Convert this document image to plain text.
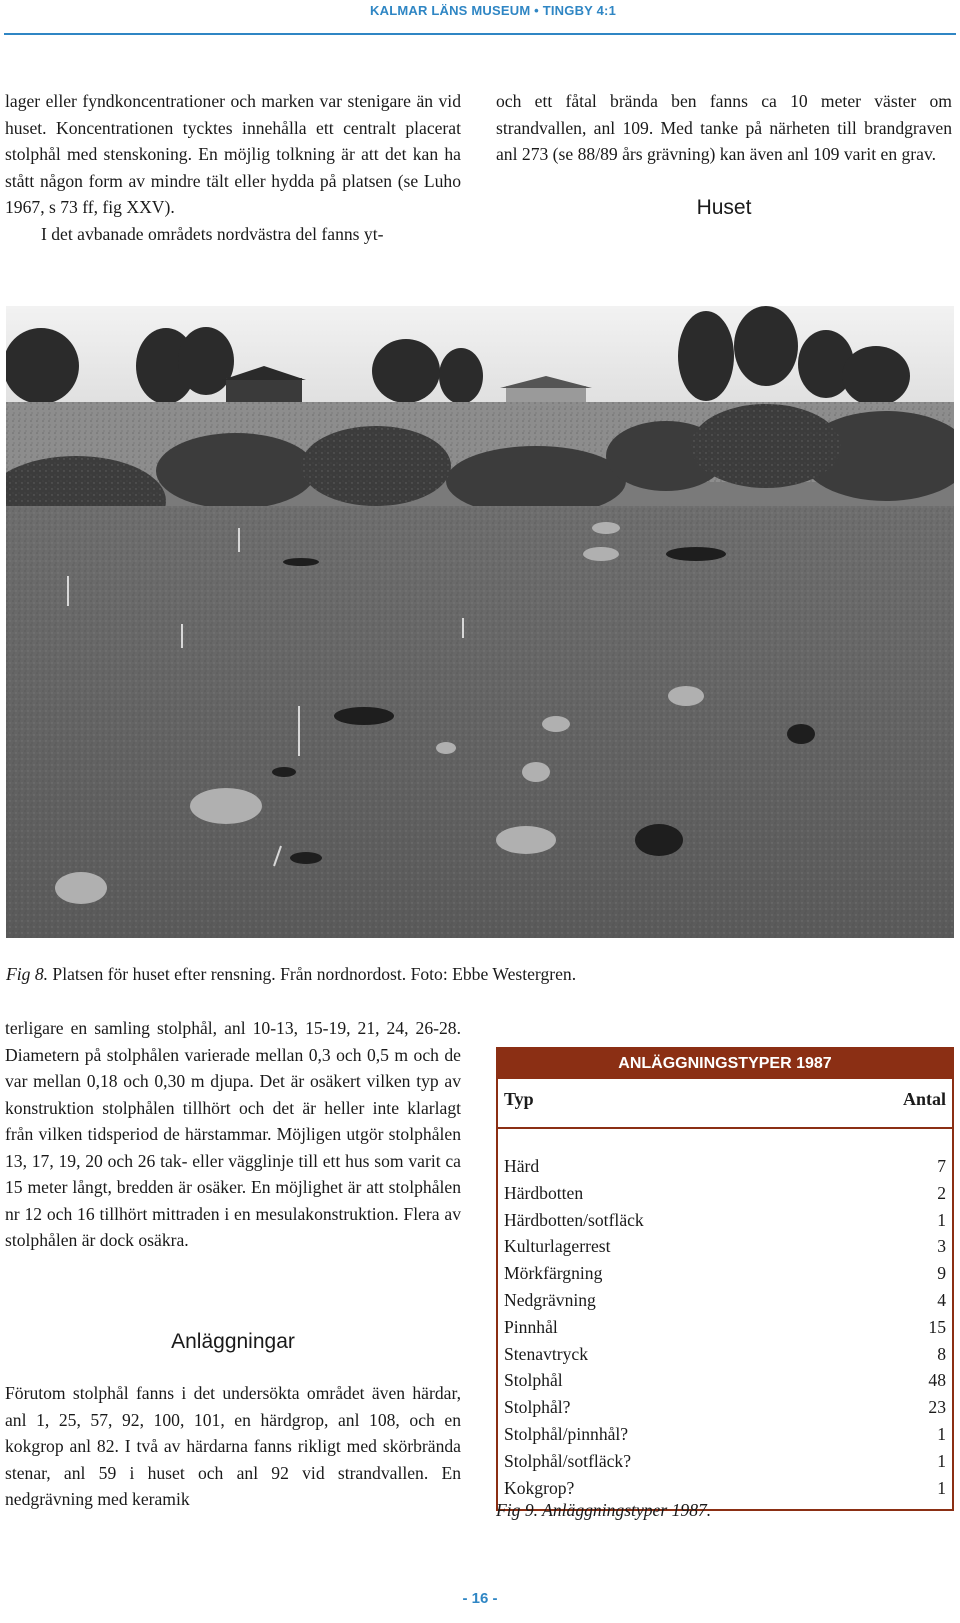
KALMAR LÄNS MUSEUM • TINGBY 4:1

lager eller fyndkoncentrationer och marken var stenigare än vid huset. Koncentrationen tycktes innehålla ett centralt placerat stolphål med stenskoning. En möjlig tolkning är att det kan ha stått någon form av mindre tält eller hydda på platsen (se Luho 1967, s 73 ff, fig XXV).

I det avbanade områdets nordvästra del fanns yt-

och ett fåtal brända ben fanns ca 10 meter väster om strandvallen, anl 109. Med tanke på närheten till brandgraven anl 273 (se 88/89 års grävning) kan även anl 109 varit en grav.

Huset

Fig 8. Platsen för huset efter rensning. Från nordnordost. Foto: Ebbe Westergren.

terligare en samling stolphål, anl 10-13, 15-19, 21, 24, 26-28. Diametern på stolphålen varierade mellan 0,3 och 0,5 m och de var mellan 0,18 och 0,30 m djupa. Det är osäkert vilken typ av konstruktion stolphålen tillhört och det är heller inte klarlagt från vilken tidsperiod de härstammar. Möjligen utgör stolphålen 13, 17, 19, 20 och 26 tak- eller vägglinje till ett hus som varit ca 15 meter långt, bredden är osäker. En möjlighet är att stolphålen nr 12 och 16 tillhört mittraden i en mesulakonstruktion. Flera av stolphålen är dock osäkra.

Anläggningar

Förutom stolphål fanns i det undersökta området även härdar, anl 1, 25, 57, 92, 100, 101, en härdgrop, anl 108, och en kokgrop anl 82. I två av härdarna fanns rikligt med skörbrända stenar, anl 59 i huset och anl 92 vid strandvallen. En nedgrävning med keramik

ANLÄGGNINGSTYPER 1987
Typ	Antal
Härd	7
Härdbotten	2
Härdbotten/sotfläck	1
Kulturlagerrest	3
Mörkfärgning	9
Nedgrävning	4
Pinnhål	15
Stenavtryck	8
Stolphål	48
Stolphål?	23
Stolphål/pinnhål?	1
Stolphål/sotfläck?	1
Kokgrop?	1
Fig 9. Anläggningstyper 1987.
- 16 -
